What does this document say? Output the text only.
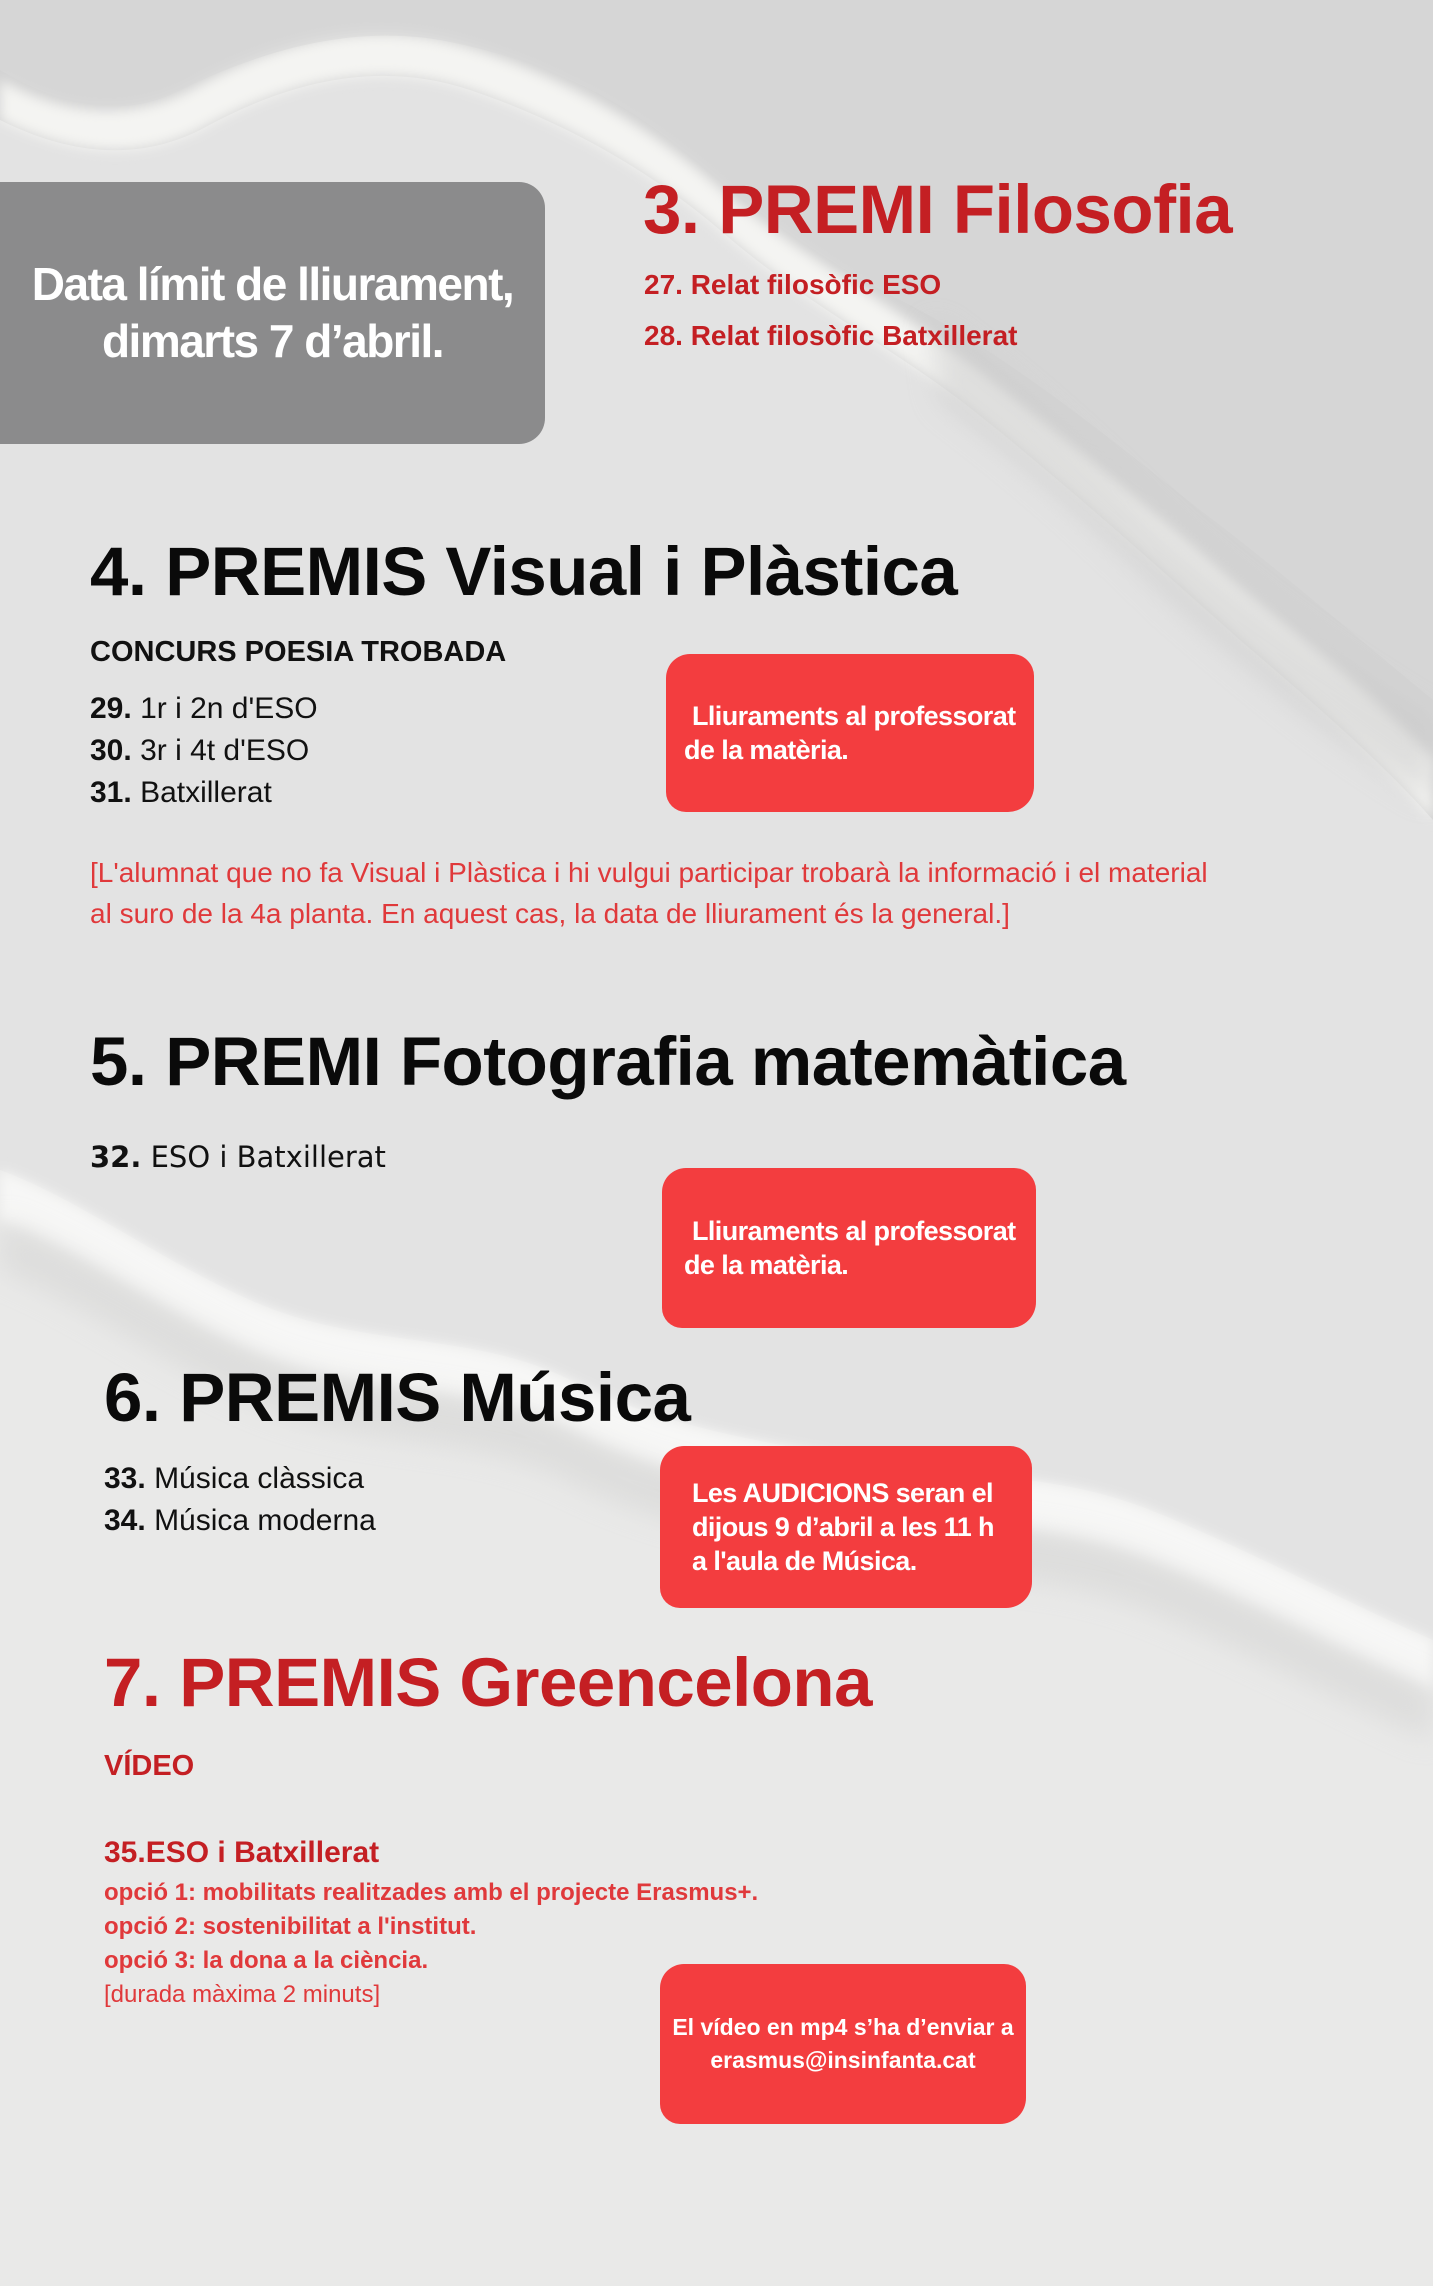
Data límit de lliurament,
dimarts 7 d’abril.
3. PREMI Filosofia
27. Relat filosòfic ESO
28. Relat filosòfic Batxillerat
4. PREMIS Visual i Plàstica
CONCURS POESIA TROBADA
29. 1r i 2n d'ESO
30. 3r i 4t d'ESO
31. Batxillerat
Lliuraments al professorat
de la matèria.
[L'alumnat que no fa Visual i Plàstica i hi vulgui participar trobarà la informació i el material al suro de la 4a planta. En aquest cas, la data de lliurament és la general.]
5. PREMI Fotografia matemàtica
32. ESO i Batxillerat
Lliuraments al professorat
de la matèria.
6. PREMIS Música
33. Música clàssica
34. Música moderna
Les AUDICIONS seran el
dijous 9 d’abril a les 11 h
a l'aula de Música.
7. PREMIS Greencelona
VÍDEO
35.ESO i Batxillerat
opció 1: mobilitats realitzades amb el projecte Erasmus+.
opció 2: sostenibilitat a l'institut.
opció 3: la dona a la ciència.
[durada màxima 2 minuts]
El vídeo en mp4 s’ha d’enviar a
erasmus@insinfanta.cat
